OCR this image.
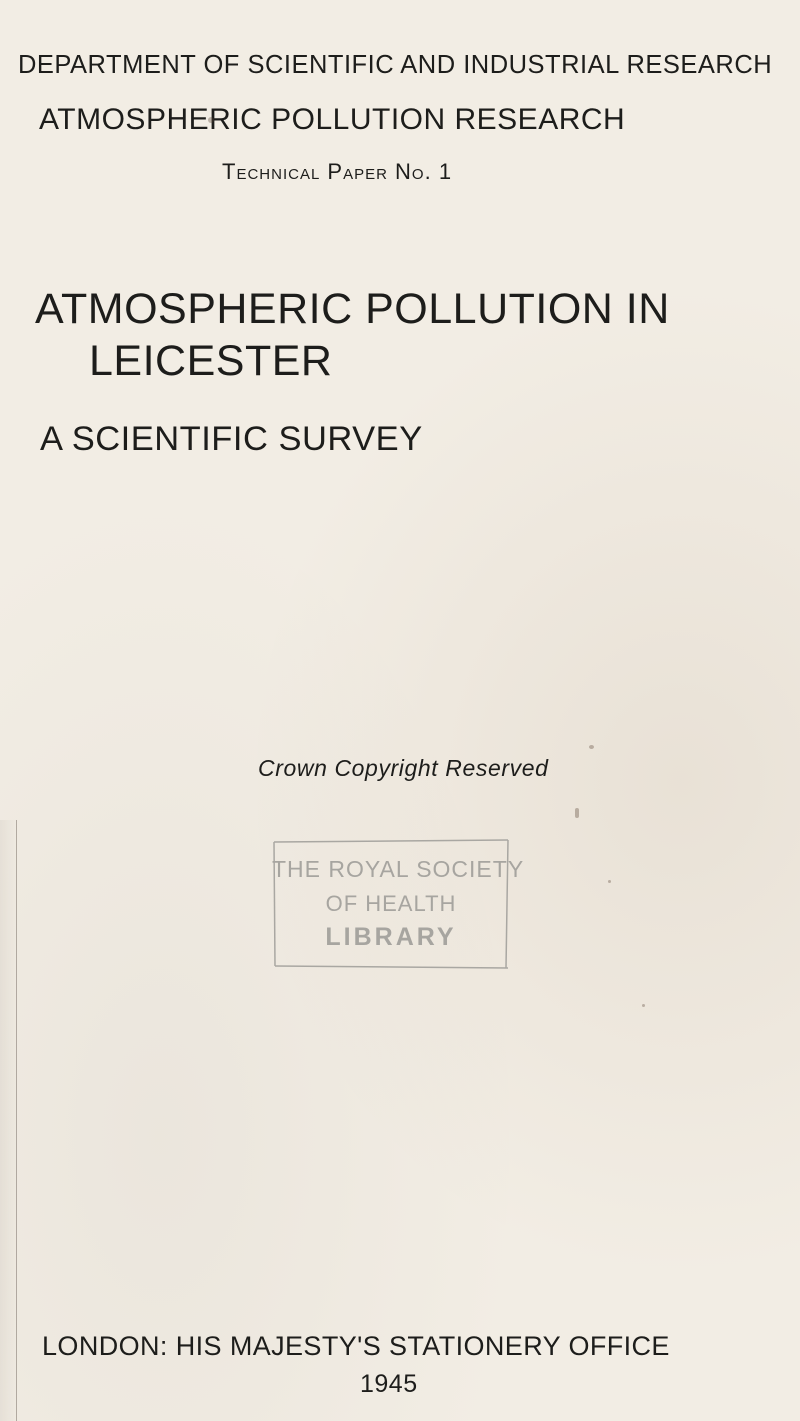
DEPARTMENT OF SCIENTIFIC AND INDUSTRIAL RESEARCH
ATMOSPHERIC POLLUTION RESEARCH
Technical Paper No. 1
ATMOSPHERIC POLLUTION IN
LEICESTER
A SCIENTIFIC SURVEY
Crown Copyright Reserved
THE ROYAL SOCIETY
OF HEALTH
LIBRARY
LONDON: HIS MAJESTY'S STATIONERY OFFICE
1945
